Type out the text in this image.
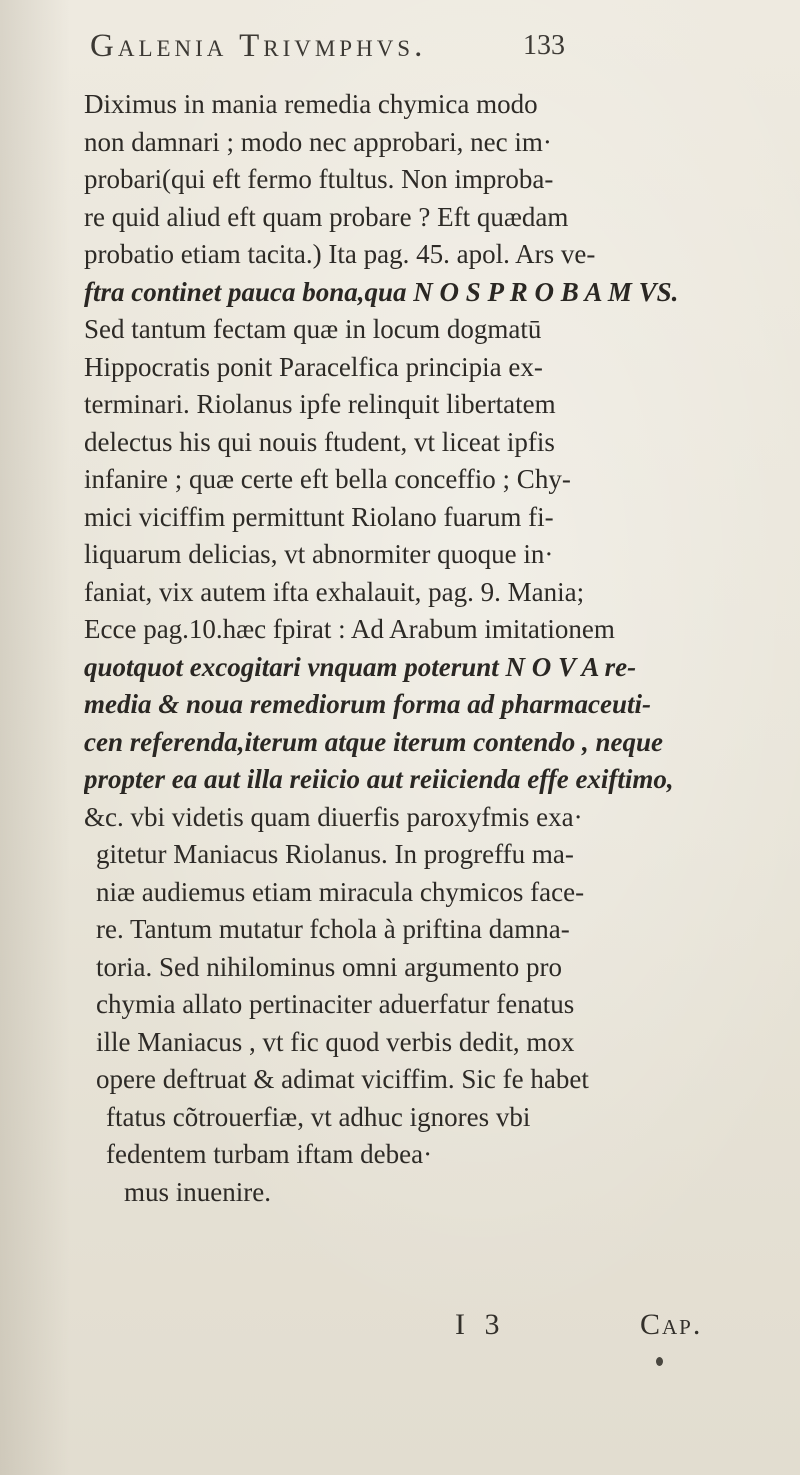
Galenia Trivmphvs.	133
Diximus in mania remedia chymica modo
non damnari ; modo nec approbari, nec im·
probari(qui eft fermo ftultus. Non improba-
re quid aliud eft quam probare ? Eft quædam
probatio etiam tacita.) Ita pag. 45. apol. Ars ve-
ftra continet pauca bona,qua N O S P R O B A M VS.
Sed tantum fectam quæ in locum dogmatū
Hippocratis ponit Paracelfica principia ex-
terminari. Riolanus ipfe relinquit libertatem
delectus his qui nouis ftudent, vt liceat ipfis
infanire ; quæ certe eft bella conceffio ; Chy-
mici viciffim permittunt Riolano fuarum fi-
liquarum delicias, vt abnormiter quoque in·
faniat, vix autem ifta exhalauit, pag. 9. Mania;
Ecce pag.10.hæc fpirat : Ad Arabum imitationem
quotquot excogitari vnquam poterunt N O V A re-
media & noua remediorum forma ad pharmaceuti-
cen referenda,iterum atque iterum contendo , neque
propter ea aut illa reiicio aut reiicienda effe exiftimo,
&c. vbi videtis quam diuerfis paroxyfmis exa·
gitetur Maniacus Riolanus. In progreffu ma-
niæ audiemus etiam miracula chymicos face-
re. Tantum mutatur fchola à priftina damna-
toria. Sed nihilominus omni argumento pro
chymia allato pertinaciter aduerfatur fenatus
ille Maniacus , vt fic quod verbis dedit, mox
opere deftruat & adimat viciffim. Sic fe habet
ftatus cõtrouerfiæ, vt adhuc ignores vbi
fedentem turbam iftam debea·
mus inuenire.
I 3	Cap.
